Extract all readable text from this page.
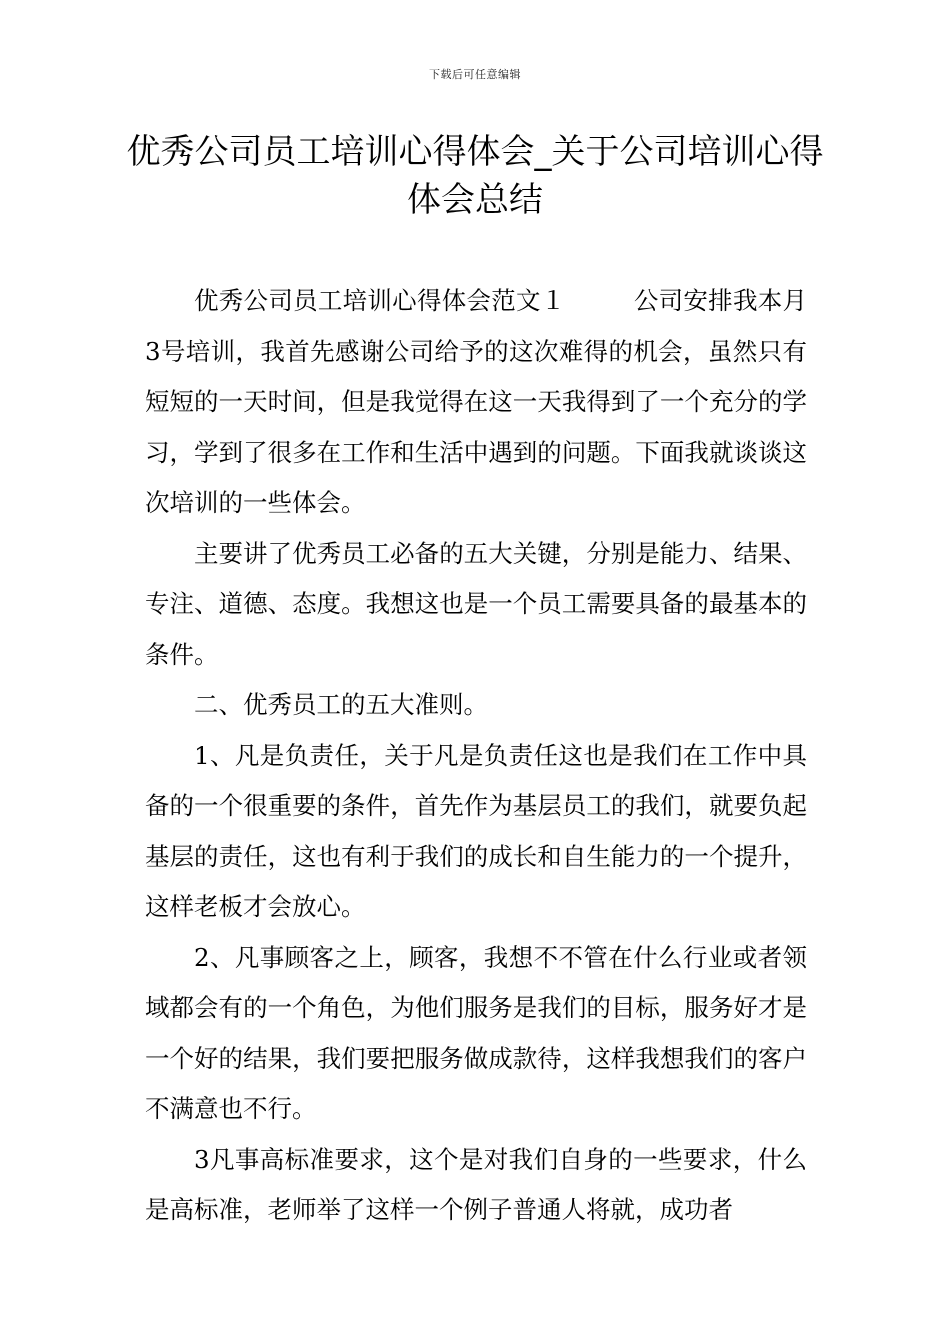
下载后可任意编辑
优秀公司员工培训心得体会_关于公司培训心得体会总结

优秀公司员工培训心得体会范文１	公司安排我本月3号培训，我首先感谢公司给予的这次难得的机会，虽然只有短短的一天时间，但是我觉得在这一天我得到了一个充分的学习，学到了很多在工作和生活中遇到的问题。下面我就谈谈这次培训的一些体会。

主要讲了优秀员工必备的五大关键，分别是能力、结果、专注、道德、态度。我想这也是一个员工需要具备的最基本的条件。

二、优秀员工的五大准则。

1、凡是负责任，关于凡是负责任这也是我们在工作中具备的一个很重要的条件，首先作为基层员工的我们，就要负起基层的责任，这也有利于我们的成长和自生能力的一个提升，这样老板才会放心。

2、凡事顾客之上，顾客，我想不不管在什么行业或者领域都会有的一个角色，为他们服务是我们的目标，服务好才是一个好的结果，我们要把服务做成款待，这样我想我们的客户不满意也不行。

3凡事高标准要求，这个是对我们自身的一些要求，什么是高标准，老师举了这样一个例子普通人将就，成功者
